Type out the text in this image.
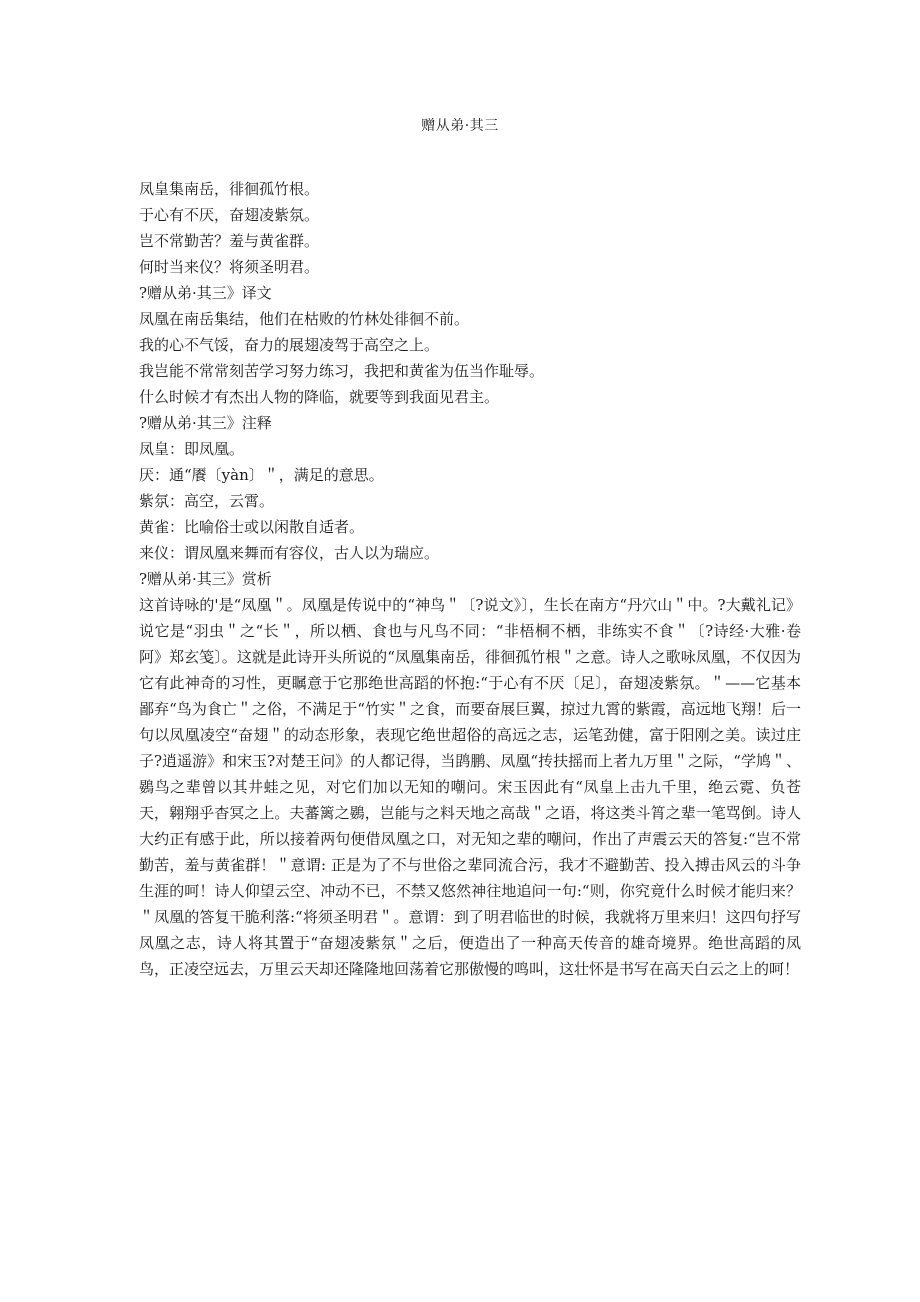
赠从弟·其三
凤皇集南岳，徘徊孤竹根。
于心有不厌，奋翅凌紫氛。
岂不常勤苦？羞与黄雀群。
何时当来仪？将须圣明君。
?赠从弟·其三》译文
凤凰在南岳集结，他们在枯败的竹林处徘徊不前。
我的心不气馁，奋力的展翅凌驾于高空之上。
我岂能不常常刻苦学习努力练习，我把和黄雀为伍当作耻辱。
什么时候才有杰出人物的降临，就要等到我面见君主。
?赠从弟·其三》注释
凤皇：即凤凰。
厌：通“餍〔yàn〕＂，满足的意思。
紫氛：高空，云霄。
黄雀：比喻俗士或以闲散自适者。
来仪：谓凤凰来舞而有容仪，古人以为瑞应。
?赠从弟·其三》赏析
这首诗咏的'是“凤凰＂。凤凰是传说中的“神鸟＂〔?说文》〕，生长在南方“丹穴山＂中。?大戴礼记》说它是“羽虫＂之“长＂，所以栖、食也与凡鸟不同：“非梧桐不栖，非练实不食＂〔?诗经·大雅·卷阿》郑玄笺〕。这就是此诗开头所说的“凤凰集南岳，徘徊孤竹根＂之意。诗人之歌咏凤凰，不仅因为它有此神奇的习性，更瞩意于它那绝世高蹈的怀抱:“于心有不厌〔足〕，奋翅凌紫氛。＂——它基本鄙弃“鸟为食亡＂之俗，不满足于“竹实＂之食，而要奋展巨翼，掠过九霄的紫霞，高远地飞翔！后一句以凤凰凌空“奋翅＂的动态形象，表现它绝世超俗的高远之志，运笔劲健，富于阳刚之美。读过庄子?逍遥游》和宋玉?对楚王问》的人都记得，当鹍鹏、凤凰“抟扶摇而上者九万里＂之际，“学鸠＂、鷃鸟之辈曾以其井蛙之见，对它们加以无知的嘲问。宋玉因此有“凤皇上击九千里，绝云霓、负苍天，翱翔乎杳冥之上。夫蕃篱之鷃，岂能与之料天地之高哉＂之语，将这类斗筲之辈一笔骂倒。诗人大约正有感于此，所以接着两句便借凤凰之口，对无知之辈的嘲问，作出了声震云天的答复:“岂不常勤苦，羞与黄雀群！＂意谓: 正是为了不与世俗之辈同流合污，我才不避勤苦、投入搏击风云的斗争生涯的呵！诗人仰望云空、冲动不已，不禁又悠然神往地追问一句:“则，你究竟什么时候才能归来？＂凤凰的答复干脆利落:“将须圣明君＂。意谓：到了明君临世的时候，我就将万里来归！这四句抒写凤凰之志，诗人将其置于“奋翅凌紫氛＂之后，便造出了一种高天传音的雄奇境界。绝世高蹈的凤鸟，正凌空远去，万里云天却还隆隆地回荡着它那傲慢的鸣叫，这壮怀是书写在高天白云之上的呵！
